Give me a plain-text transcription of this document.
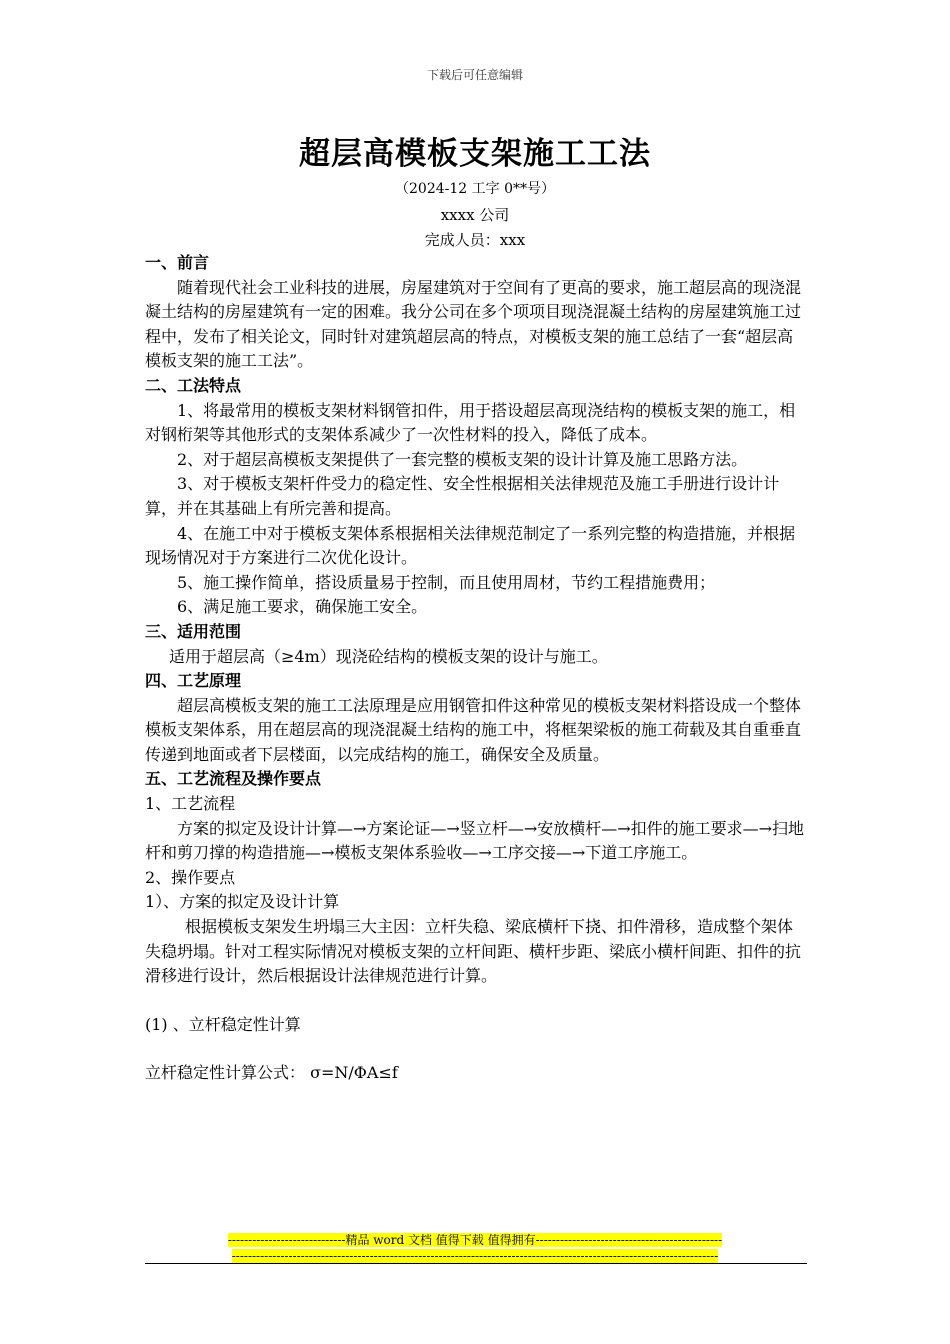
下载后可任意编辑
超层高模板支架施工工法
（2024-12 工字 0**号）
xxxx 公司
完成人员：xxx

一、前言

随着现代社会工业科技的进展，房屋建筑对于空间有了更高的要求，施工超层高的现浇混凝土结构的房屋建筑有一定的困难。我分公司在多个项项目现浇混凝土结构的房屋建筑施工过程中，发布了相关论文，同时针对建筑超层高的特点，对模板支架的施工总结了一套“超层高模板支架的施工工法”。

二、工法特点

1、将最常用的模板支架材料钢管扣件，用于搭设超层高现浇结构的模板支架的施工，相对钢桁架等其他形式的支架体系减少了一次性材料的投入，降低了成本。

2、对于超层高模板支架提供了一套完整的模板支架的设计计算及施工思路方法。

3、对于模板支架杆件受力的稳定性、安全性根据相关法律规范及施工手册进行设计计算，并在其基础上有所完善和提高。

4、在施工中对于模板支架体系根据相关法律规范制定了一系列完整的构造措施，并根据现场情况对于方案进行二次优化设计。

5、施工操作简单，搭设质量易于控制，而且使用周材，节约工程措施费用；

6、满足施工要求，确保施工安全。

三、适用范围

适用于超层高（≥4m）现浇砼结构的模板支架的设计与施工。

四、工艺原理

超层高模板支架的施工工法原理是应用钢管扣件这种常见的模板支架材料搭设成一个整体模板支架体系，用在超层高的现浇混凝土结构的施工中，将框架梁板的施工荷载及其自重垂直传递到地面或者下层楼面，以完成结构的施工，确保安全及质量。

五、工艺流程及操作要点

1、工艺流程

方案的拟定及设计计算—→方案论证—→竖立杆—→安放横杆—→扣件的施工要求—→扫地杆和剪刀撑的构造措施—→模板支架体系验收—→工序交接—→下道工序施工。

2、操作要点

1）、方案的拟定及设计计算

根据模板支架发生坍塌三大主因：立杆失稳、梁底横杆下挠、扣件滑移，造成整个架体失稳坍塌。针对工程实际情况对模板支架的立杆间距、横杆步距、梁底小横杆间距、扣件的抗滑移进行设计，然后根据设计法律规范进行计算。

(1) 、立杆稳定性计算

立杆稳定性计算公式： σ=N/ΦA≤f

-----------------------------精品 word 文档 值得下载 值得拥有----------------------------------------------
------------------------------------------------------------------------------------------------------------------------
